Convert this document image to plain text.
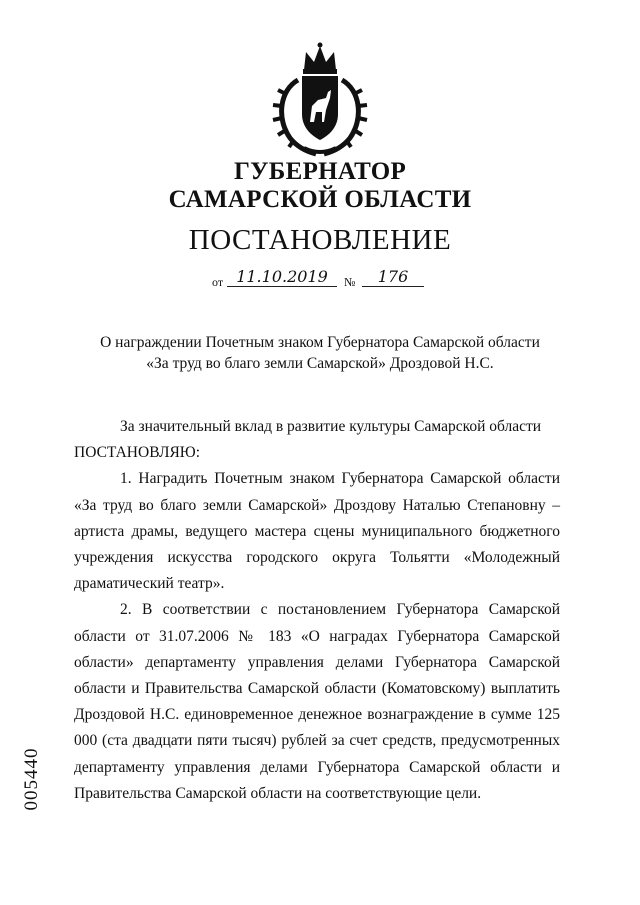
ГУБЕРНАТОР
САМАРСКОЙ ОБЛАСТИ
ПОСТАНОВЛЕНИЕ
от 11.10.2019	№	176
О награждении Почетным знаком Губернатора Самарской области
«За труд во благо земли Самарской» Дроздовой Н.С.

За значительный вклад в развитие культуры Самарской области

ПОСТАНОВЛЯЮ:

1. Наградить Почетным знаком Губернатора Самарской области «За труд во благо земли Самарской» Дроздову Наталью Степановну – артиста драмы, ведущего мастера сцены муниципального бюджетного учреждения искусства городского округа Тольятти «Молодежный драматический театр».

2. В соответствии с постановлением Губернатора Самарской области от 31.07.2006 № 183 «О наградах Губернатора Самарской области» департаменту управления делами Губернатора Самарской области и Правительства Самарской области (Коматовскому) выплатить Дроздовой Н.С. единовременное денежное вознаграждение в сумме 125 000 (ста двадцати пяти тысяч) рублей за счет средств, предусмотренных департаменту управления делами Губернатора Самарской области и Правительства Самарской области на соответствующие цели.

005440
